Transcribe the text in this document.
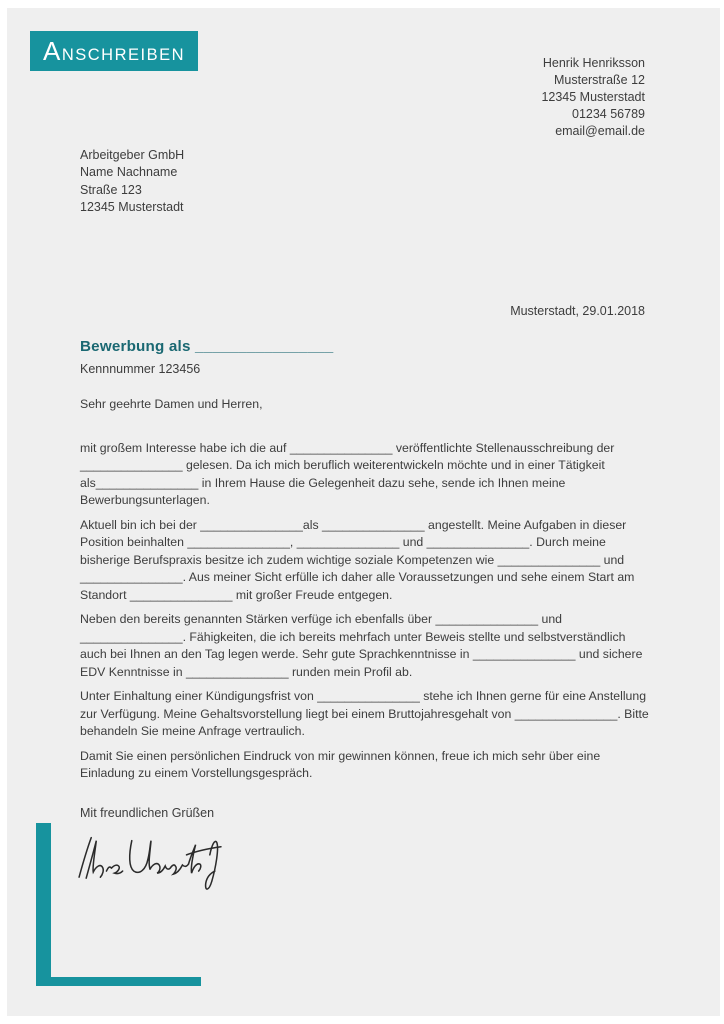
ANSCHREIBEN	Henrik Henriksson
Musterstraße 12
12345 Musterstadt
01234 56789
email@email.de
Arbeitgeber GmbH
Name Nachname
Straße 123
12345 Musterstadt
Musterstadt, 29.01.2018
Bewerbung als ________________
Kennnummer 123456

Sehr geehrte Damen und Herren,

mit großem Interesse habe ich die auf _______________ veröffentlichte Stellenausschreibung der _______________ gelesen. Da ich mich beruflich weiterentwickeln möchte und in einer Tätigkeit als_______________ in Ihrem Hause die Gelegenheit dazu sehe, sende ich Ihnen meine Bewerbungsunterlagen.

Aktuell bin ich bei der _______________als _______________ angestellt. Meine Aufgaben in dieser Position beinhalten _______________, _______________ und _______________. Durch meine bisherige Berufspraxis besitze ich zudem wichtige soziale Kompetenzen wie _______________ und _______________. Aus meiner Sicht erfülle ich daher alle Voraussetzungen und sehe einem Start am Standort _______________ mit großer Freude entgegen.

Neben den bereits genannten Stärken verfüge ich ebenfalls über _______________ und _______________. Fähigkeiten, die ich bereits mehrfach unter Beweis stellte und selbstverständlich auch bei Ihnen an den Tag legen werde. Sehr gute Sprachkenntnisse in _______________ und sichere EDV Kenntnisse in _______________ runden mein Profil ab.

Unter Einhaltung einer Kündigungsfrist von _______________ stehe ich Ihnen gerne für eine Anstellung zur Verfügung. Meine Gehaltsvorstellung liegt bei einem Bruttojahresgehalt von _______________. Bitte behandeln Sie meine Anfrage vertraulich.

Damit Sie einen persönlichen Eindruck von mir gewinnen können, freue ich mich sehr über eine Einladung zu einem Vorstellungsgespräch.

Mit freundlichen Grüßen
